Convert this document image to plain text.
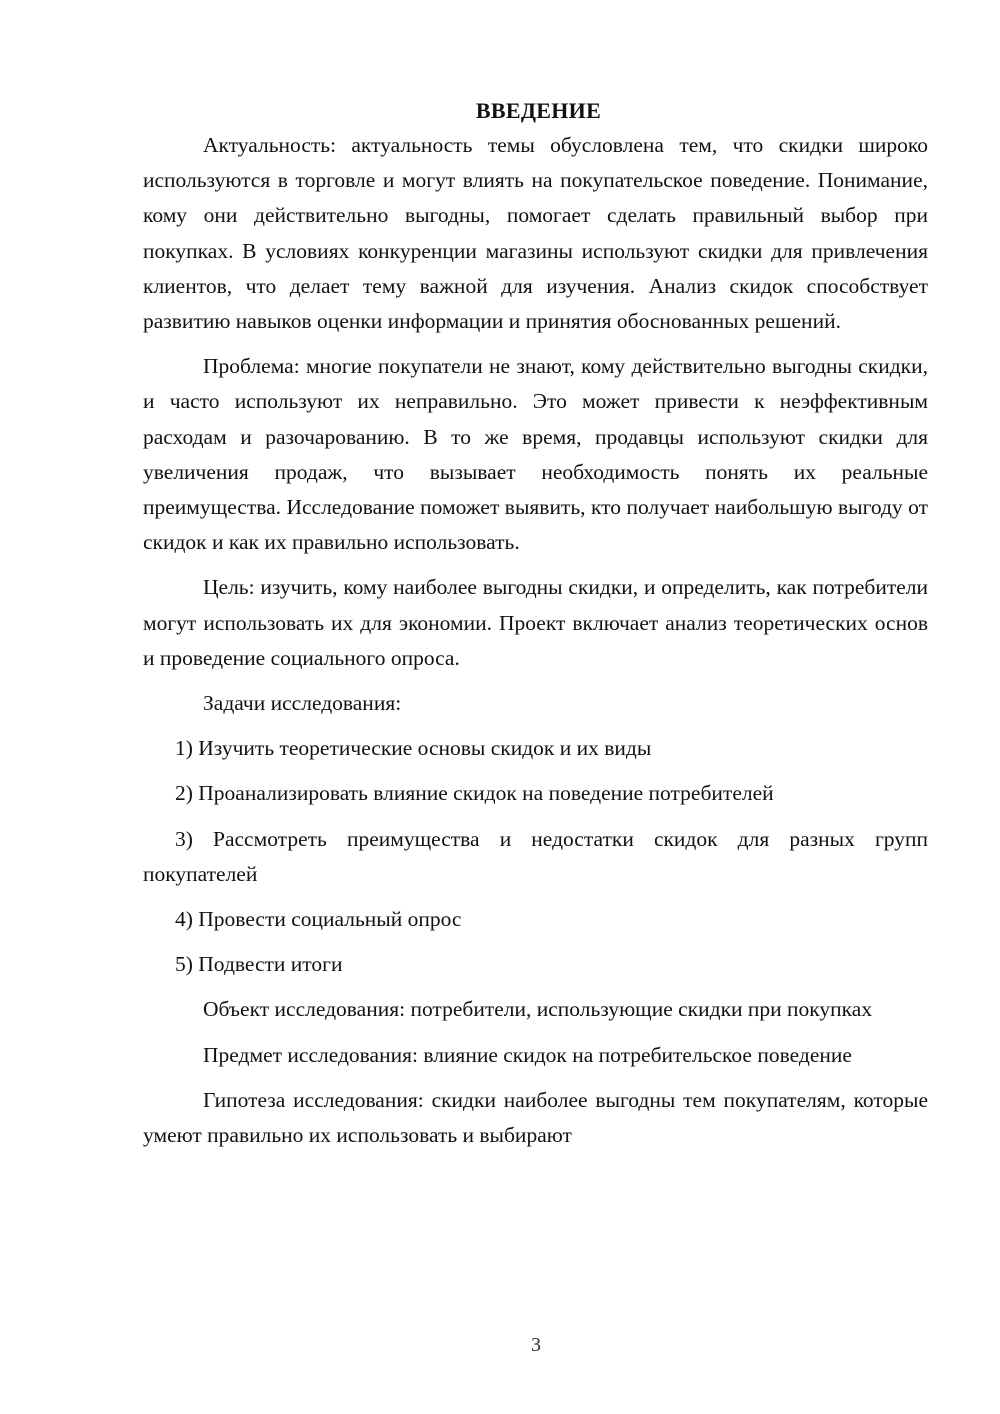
ВВЕДЕНИЕ

Актуальность: актуальность темы обусловлена тем, что скидки широко используются в торговле и могут влиять на покупательское поведение. Понимание, кому они действительно выгодны, помогает сделать правильный выбор при покупках. В условиях конкуренции магазины используют скидки для привлечения клиентов, что делает тему важной для изучения. Анализ скидок способствует развитию навыков оценки информации и принятия обоснованных решений.

Проблема: многие покупатели не знают, кому действительно выгодны скидки, и часто используют их неправильно. Это может привести к неэффективным расходам и разочарованию. В то же время, продавцы используют скидки для увеличения продаж, что вызывает необходимость понять их реальные преимущества. Исследование поможет выявить, кто получает наибольшую выгоду от скидок и как их правильно использовать.

Цель: изучить, кому наиболее выгодны скидки, и определить, как потребители могут использовать их для экономии. Проект включает анализ теоретических основ и проведение социального опроса.

Задачи исследования:

1) Изучить теоретические основы скидок и их виды

2) Проанализировать влияние скидок на поведение потребителей

3) Рассмотреть преимущества и недостатки скидок для разных групп покупателей

4) Провести социальный опрос

5) Подвести итоги

Объект исследования: потребители, использующие скидки при покупках

Предмет исследования: влияние скидок на потребительское поведение

Гипотеза исследования: скидки наиболее выгодны тем покупателям, которые умеют правильно их использовать и выбирают

3
